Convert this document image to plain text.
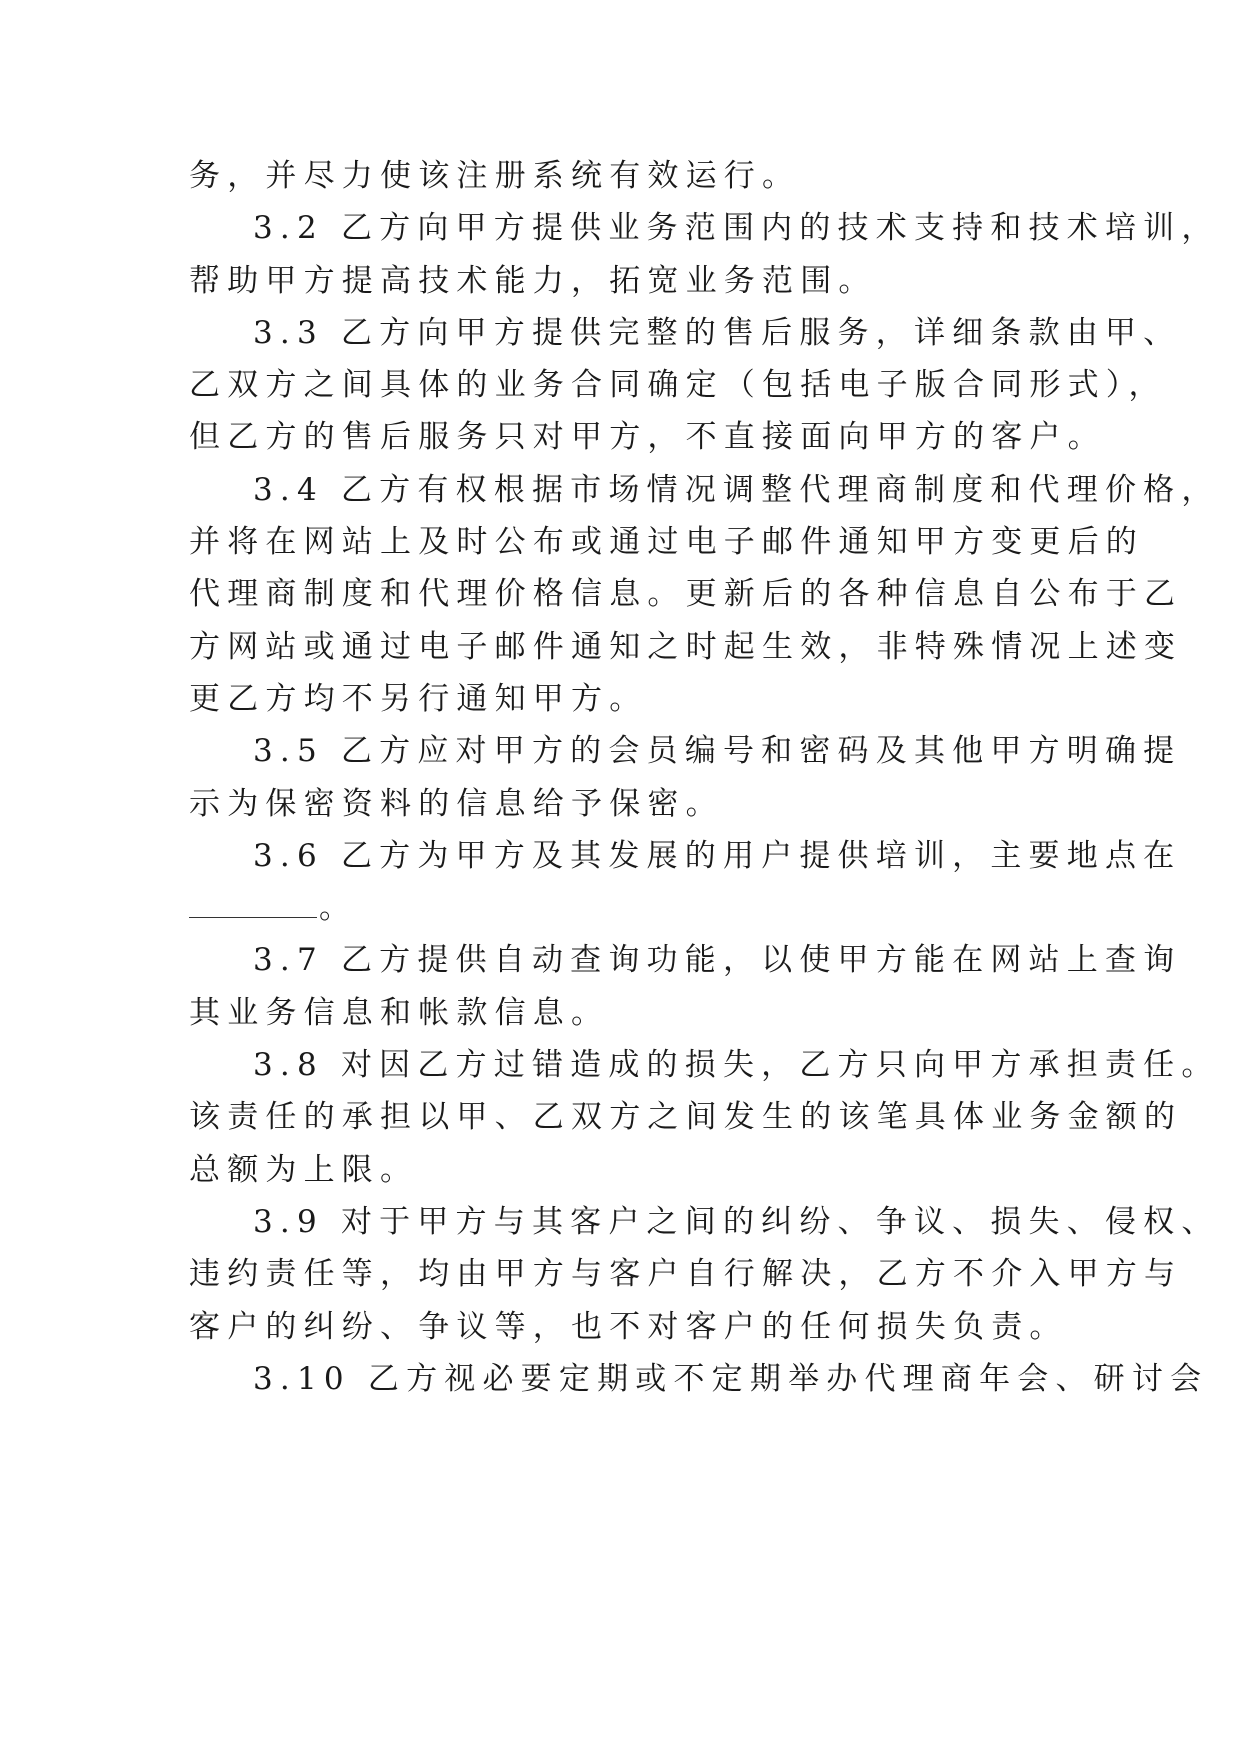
务，并尽力使该注册系统有效运行。
3.2 乙方向甲方提供业务范围内的技术支持和技术培训，
帮助甲方提高技术能力，拓宽业务范围。
3.3 乙方向甲方提供完整的售后服务，详细条款由甲、
乙双方之间具体的业务合同确定（包括电子版合同形式），
但乙方的售后服务只对甲方，不直接面向甲方的客户。
3.4 乙方有权根据市场情况调整代理商制度和代理价格，
并将在网站上及时公布或通过电子邮件通知甲方变更后的
代理商制度和代理价格信息。更新后的各种信息自公布于乙
方网站或通过电子邮件通知之时起生效，非特殊情况上述变
更乙方均不另行通知甲方。
3.5 乙方应对甲方的会员编号和密码及其他甲方明确提
示为保密资料的信息给予保密。
3.6 乙方为甲方及其发展的用户提供培训，主要地点在
。
3.7 乙方提供自动查询功能，以使甲方能在网站上查询
其业务信息和帐款信息。
3.8 对因乙方过错造成的损失，乙方只向甲方承担责任。
该责任的承担以甲、乙双方之间发生的该笔具体业务金额的
总额为上限。
3.9 对于甲方与其客户之间的纠纷、争议、损失、侵权、
违约责任等，均由甲方与客户自行解决，乙方不介入甲方与
客户的纠纷、争议等，也不对客户的任何损失负责。
3.10 乙方视必要定期或不定期举办代理商年会、研讨会
